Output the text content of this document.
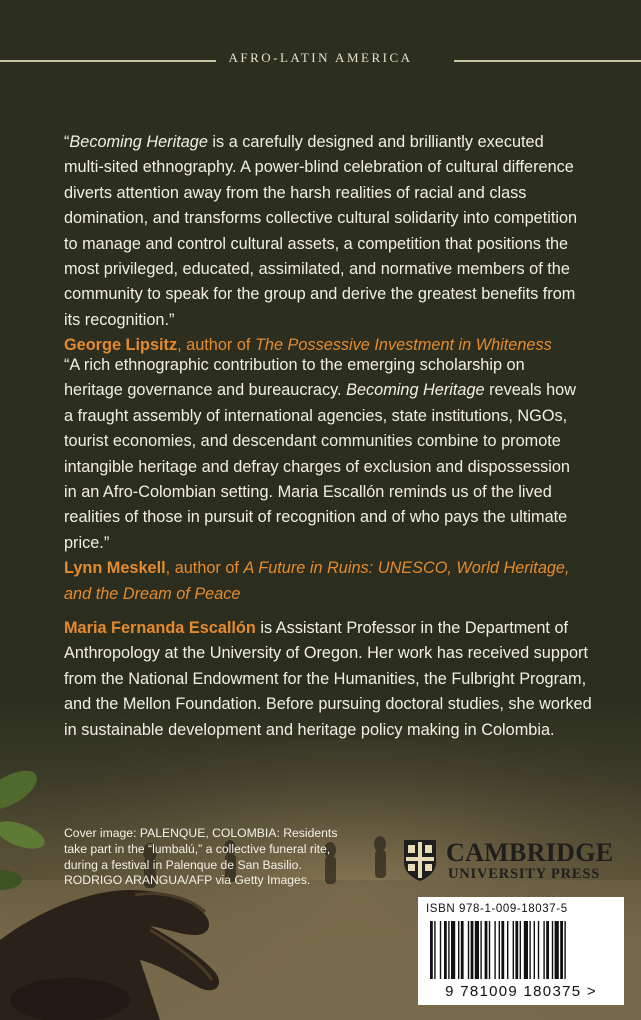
AFRO-LATIN AMERICA

“Becoming Heritage is a carefully designed and brilliantly executed multi-sited ethnography. A power-blind celebration of cultural difference diverts attention away from the harsh realities of racial and class domination, and transforms collective cultural solidarity into competition to manage and control cultural assets, a competition that positions the most privileged, educated, assimilated, and normative members of the community to speak for the group and derive the greatest benefits from its recognition.”

George Lipsitz, author of The Possessive Investment in Whiteness

“A rich ethnographic contribution to the emerging scholarship on heritage governance and bureaucracy. Becoming Heritage reveals how a fraught assembly of international agencies, state institutions, NGOs, tourist economies, and descendant communities combine to promote intangible heritage and defray charges of exclusion and dispossession in an Afro-Colombian setting. Maria Escallón reminds us of the lived realities of those in pursuit of recognition and of who pays the ultimate price.”

Lynn Meskell, author of A Future in Ruins: UNESCO, World Heritage, and the Dream of Peace

Maria Fernanda Escallón is Assistant Professor in the Department of Anthropology at the University of Oregon. Her work has received support from the National Endowment for the Humanities, the Fulbright Program, and the Mellon Foundation. Before pursuing doctoral studies, she worked in sustainable development and heritage policy making in Colombia.
Cover image: PALENQUE, COLOMBIA: Residents take part in the “lumbalú,” a collective funeral rite, during a festival in Palenque de San Basilio. RODRIGO ARANGUA/AFP via Getty Images.
CAMBRIDGE
UNIVERSITY PRESS
ISBN 978-1-009-18037-5
9 781009 180375 >
